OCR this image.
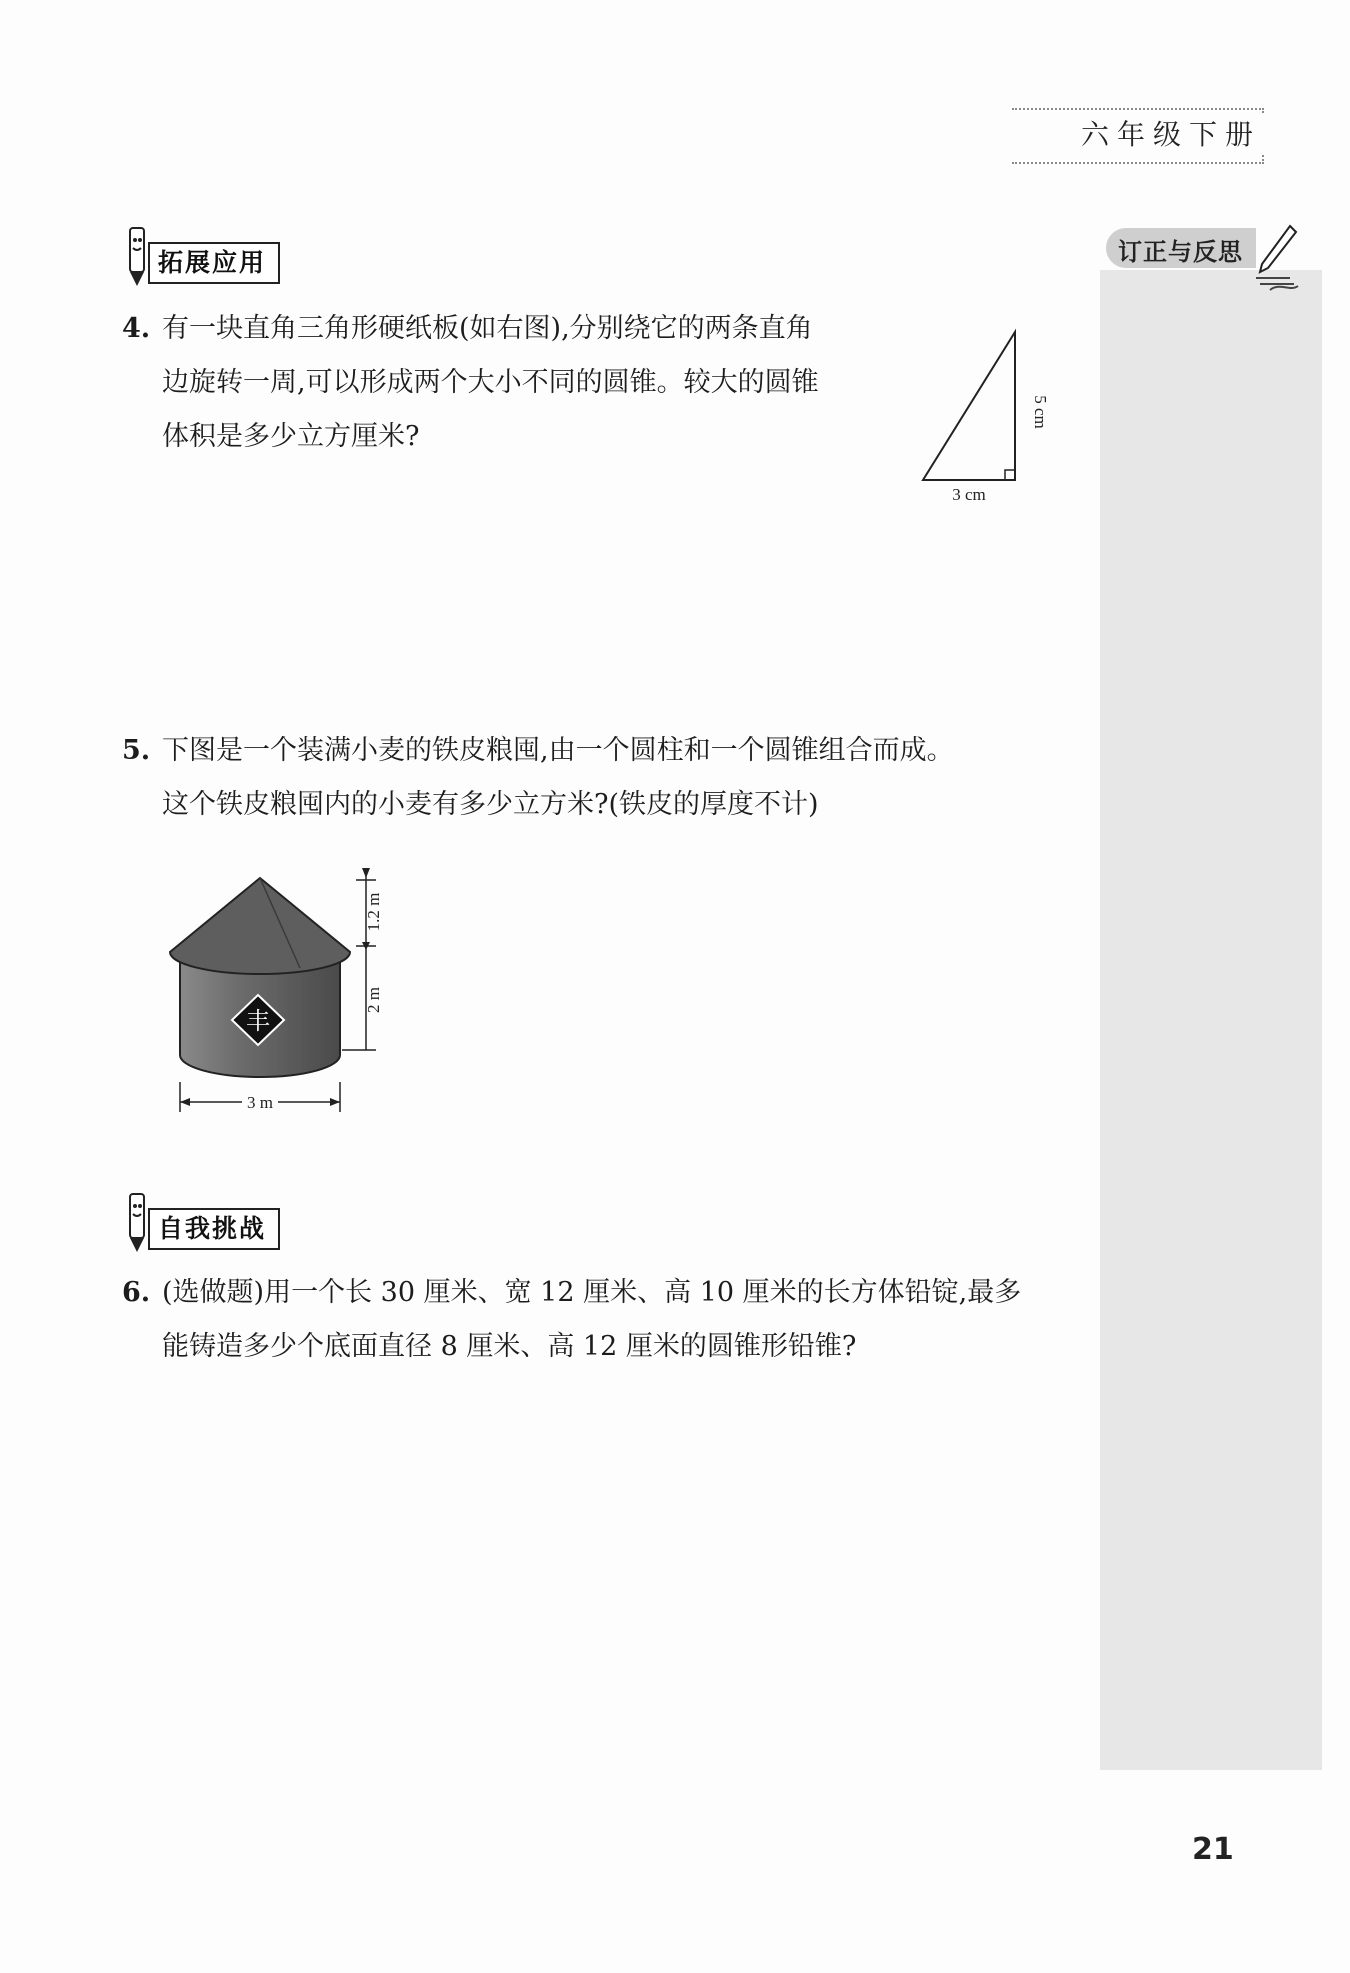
六年级下册
订正与反思
拓展应用
4. 有一块直角三角形硬纸板(如右图),分别绕它的两条直角
边旋转一周,可以形成两个大小不同的圆锥。较大的圆锥
体积是多少立方厘米?
5 cm
3 cm
5. 下图是一个装满小麦的铁皮粮囤,由一个圆柱和一个圆锥组合而成。
这个铁皮粮囤内的小麦有多少立方米?(铁皮的厚度不计)
丰
1.2 m
2 m
3 m
自我挑战
6. (选做题)用一个长 30 厘米、宽 12 厘米、高 10 厘米的长方体铅锭,最多
能铸造多少个底面直径 8 厘米、高 12 厘米的圆锥形铅锥?
21
